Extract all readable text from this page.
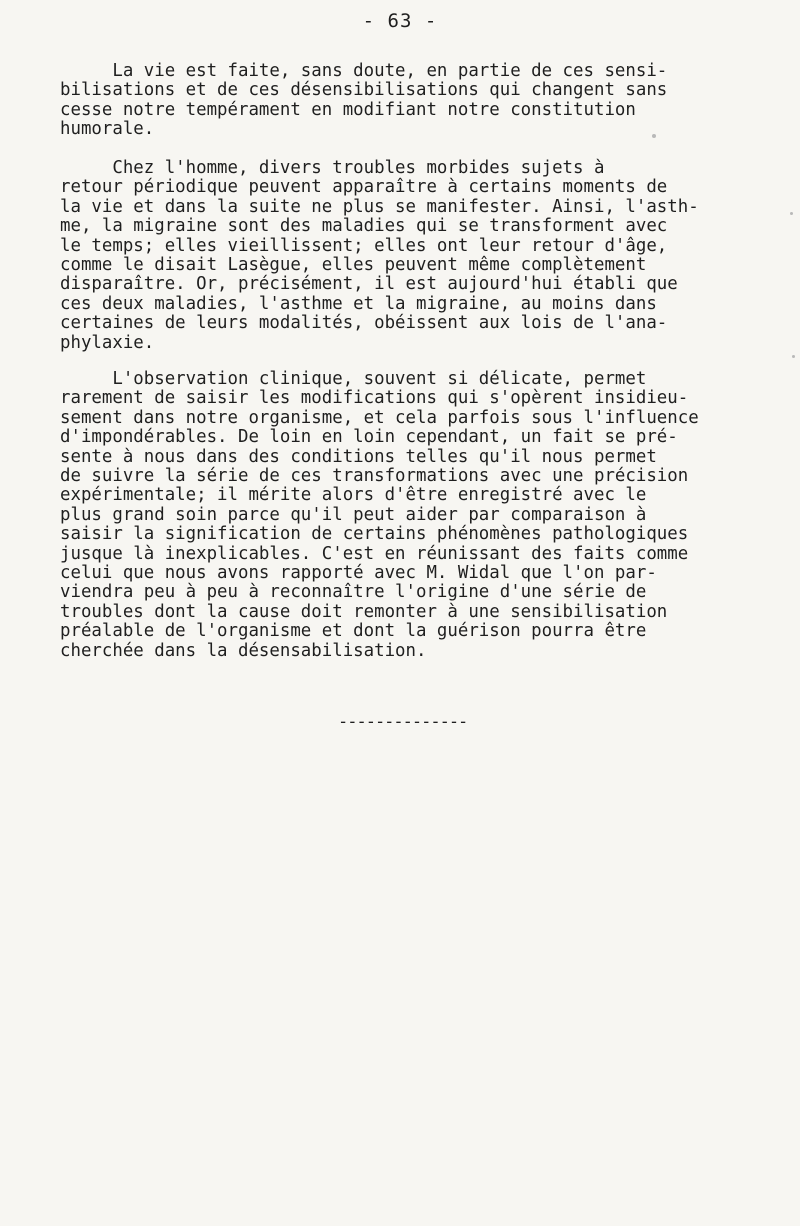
- 63 -
La vie est faite, sans doute, en partie de ces sensi-
bilisations et de ces désensibilisations qui changent sans
cesse notre tempérament en modifiant notre constitution
humorale.
Chez l'homme, divers troubles morbides sujets à
retour périodique peuvent apparaître à certains moments de
la vie et dans la suite ne plus se manifester. Ainsi, l'asth-
me, la migraine sont des maladies qui se transforment avec
le temps; elles vieillissent; elles ont leur retour d'âge,
comme le disait Lasègue, elles peuvent même complètement
disparaître. Or, précisément, il est aujourd'hui établi que
ces deux maladies, l'asthme et la migraine, au moins dans
certaines de leurs modalités, obéissent aux lois de l'ana-
phylaxie.
L'observation clinique, souvent si délicate, permet
rarement de saisir les modifications qui s'opèrent insidieu-
sement dans notre organisme, et cela parfois sous l'influence
d'impondérables. De loin en loin cependant, un fait se pré-
sente à nous dans des conditions telles qu'il nous permet
de suivre la série de ces transformations avec une précision
expérimentale; il mérite alors d'être enregistré avec le
plus grand soin parce qu'il peut aider par comparaison à
saisir la signification de certains phénomènes pathologiques
jusque là inexplicables. C'est en réunissant des faits comme
celui que nous avons rapporté avec M. Widal que l'on par-
viendra peu à peu à reconnaître l'origine d'une série de
troubles dont la cause doit remonter à une sensibilisation
préalable de l'organisme et dont la guérison pourra être
cherchée dans la désensabilisation.
--------------
